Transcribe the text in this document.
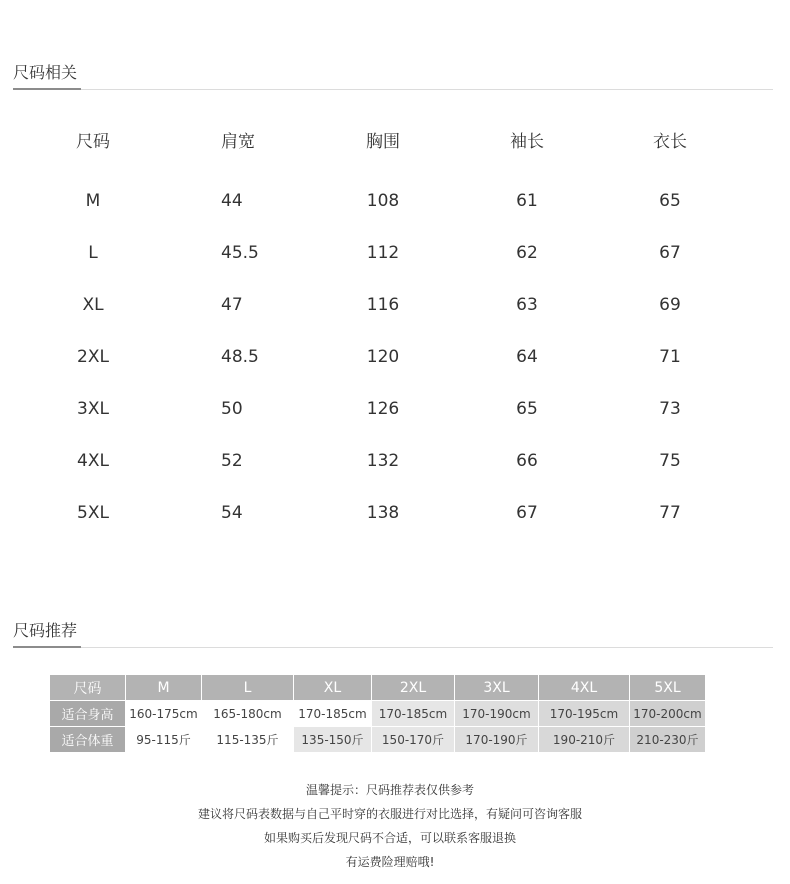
尺码相关
尺码	肩宽	胸围	袖长	衣长
M	44	108	61	65
L	45.5	112	62	67
XL	47	116	63	69
2XL	48.5	120	64	71
3XL	50	126	65	73
4XL	52	132	66	75
5XL	54	138	67	77
尺码推荐
尺码	M	L	XL	2XL	3XL	4XL	5XL
适合身高	160-175cm	165-180cm	170-185cm	170-185cm	170-190cm	170-195cm	170-200cm
适合体重	95-115斤	115-135斤	135-150斤	150-170斤	170-190斤	190-210斤	210-230斤
温馨提示：尺码推荐表仅供参考
建议将尺码表数据与自己平时穿的衣服进行对比选择，有疑问可咨询客服
如果购买后发现尺码不合适，可以联系客服退换
有运费险理赔哦!
